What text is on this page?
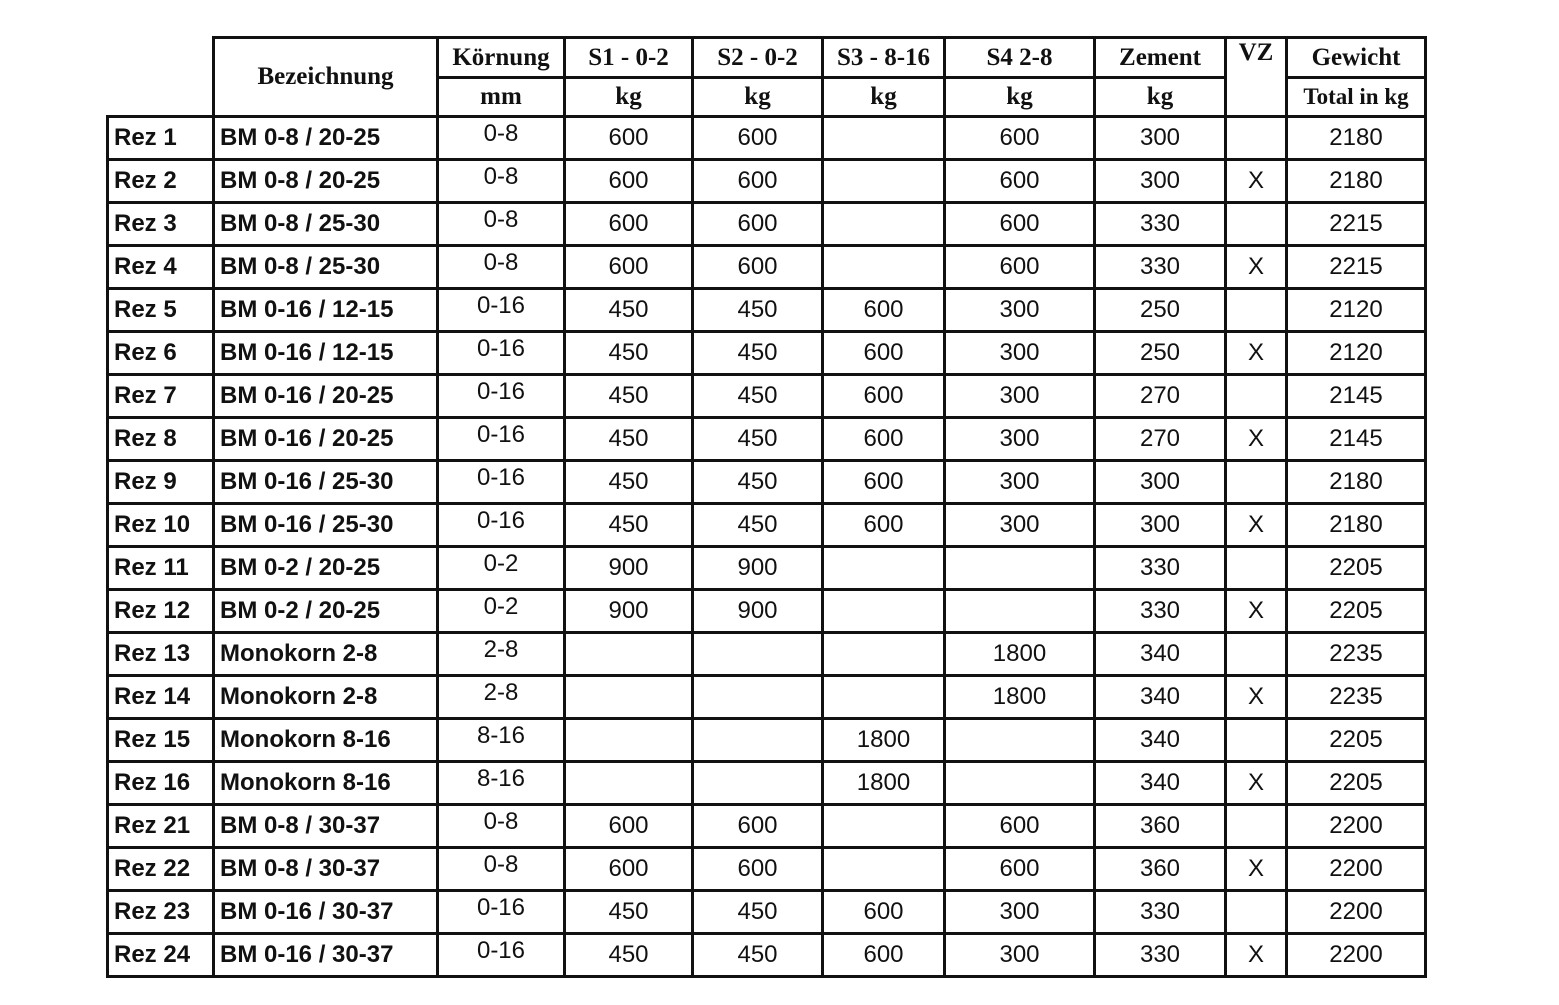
	Bezeichnung	Körnung	S1 - 0-2	S2 - 0-2	S3 - 8-16	S4 2-8	Zement	VZ	Gewicht
		mm	kg	kg	kg	kg	kg		Total in kg
Rez 1	BM 0-8 / 20-25	0-8	600	600		600	300		2180
Rez 2	BM 0-8 / 20-25	0-8	600	600		600	300	X	2180
Rez 3	BM 0-8 / 25-30	0-8	600	600		600	330		2215
Rez 4	BM 0-8 / 25-30	0-8	600	600		600	330	X	2215
Rez 5	BM 0-16 / 12-15	0-16	450	450	600	300	250		2120
Rez 6	BM 0-16 / 12-15	0-16	450	450	600	300	250	X	2120
Rez 7	BM 0-16 / 20-25	0-16	450	450	600	300	270		2145
Rez 8	BM 0-16 / 20-25	0-16	450	450	600	300	270	X	2145
Rez 9	BM 0-16 / 25-30	0-16	450	450	600	300	300		2180
Rez 10	BM 0-16 / 25-30	0-16	450	450	600	300	300	X	2180
Rez 11	BM 0-2 / 20-25	0-2	900	900			330		2205
Rez 12	BM 0-2 / 20-25	0-2	900	900			330	X	2205
Rez 13	Monokorn 2-8	2-8				1800	340		2235
Rez 14	Monokorn 2-8	2-8				1800	340	X	2235
Rez 15	Monokorn 8-16	8-16			1800		340		2205
Rez 16	Monokorn 8-16	8-16			1800		340	X	2205
Rez 21	BM 0-8 / 30-37	0-8	600	600		600	360		2200
Rez 22	BM 0-8 / 30-37	0-8	600	600		600	360	X	2200
Rez 23	BM 0-16 / 30-37	0-16	450	450	600	300	330		2200
Rez 24	BM 0-16 / 30-37	0-16	450	450	600	300	330	X	2200
